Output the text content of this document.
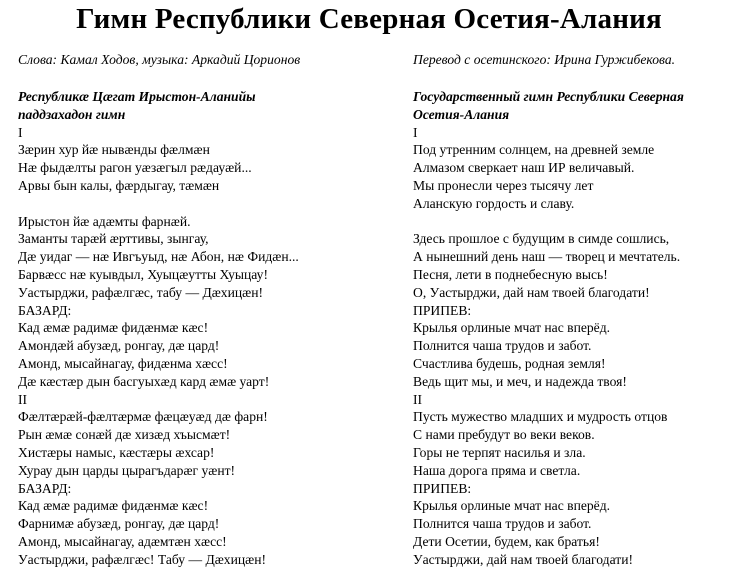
Гимн Республики Северная Осетия-Алания
Слова: Камал Ходов, музыка: Аркадий Цорионов	Перевод с осетинского: Ирина Гуржибекова.
Республикæ Цæгат Ирыстон-Аланийы
паддзахадон гимн
I
Зæрин хур йæ нывæнды фæлмæн
Нæ фыдæлты рагон уæзæгыл рæдауæй...
Арвы бын калы, фæрдыгау, тæмæн
Ирыстон йæ адæмты фарнæй.
Заманты тарæй æрттивы, зынгау,
Дæ уидаг — нæ Ивгъуыд, нæ Абон, нæ Фидæн...
Барвæсс нæ куывдыл, Хуыцæутты Хуыцау!
Уастырджи, рафæлгæс, табу — Дæхицæн!
БАЗАРД:
Кад æмæ радимæ фидæнмæ кæс!
Амондæй абузæд, ронгау, дæ цард!
Амонд, мысайнагау, фидæнма хæсс!
Дæ кæстæр дын басгуыхæд кард æмæ уарт!
II
Фæлтæрæй-фæлтæрмæ фæцæуæд дæ фарн!
Рын æмæ сонæй дæ хизæд хъысмæт!
Хистæры намыс, кæстæры æхсар!
Хурау дын царды цырагъдарæг уæнт!
БАЗАРД:
Кад æмæ радимæ фидæнмæ кæс!
Фарнимæ абузæд, ронгау, дæ цард!
Амонд, мысайнагау, адæмтæн хæсс!
Уастырджи, рафæлгæс! Табу — Дæхицæн!
Государственный гимн Республики Северная
Осетия-Алания
I
Под утренним солнцем, на древней земле
Алмазом сверкает наш ИР величавый.
Мы пронесли через тысячу лет
Аланскую гордость и славу.
Здесь прошлое с будущим в симде сошлись,
А нынешний день наш — творец и мечтатель.
Песня, лети в поднебесную высь!
О, Уастырджи, дай нам твоей благодати!
ПРИПЕВ:
Крылья орлиные мчат нас вперёд.
Полнится чаша трудов и забот.
Счастлива будешь, родная земля!
Ведь щит мы, и меч, и надежда твоя!
II
Пусть мужество младших и мудрость отцов
С нами пребудут во веки веков.
Горы не терпят насилья и зла.
Наша дорога пряма и светла.
ПРИПЕВ:
Крылья орлиные мчат нас вперёд.
Полнится чаша трудов и забот.
Дети Осетии, будем, как братья!
Уастырджи, дай нам твоей благодати!
